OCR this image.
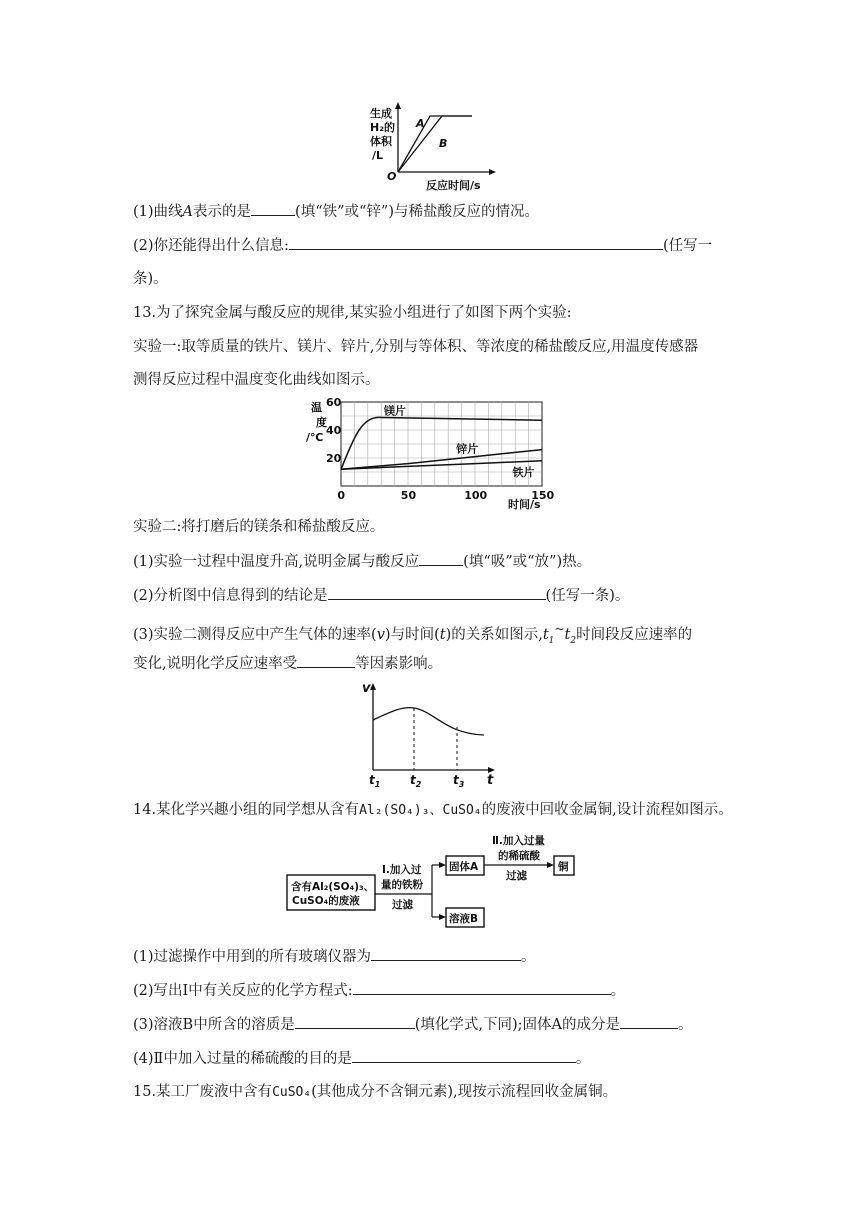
生成
H₂的
体积
/L
O
A
B
反应时间/s
(1)曲线A表示的是	(填“铁”或“锌”)与稀盐酸反应的情况。
(2)你还能得出什么信息:	(任写一
条)。
13.为了探究金属与酸反应的规律,某实验小组进行了如图下两个实验:
实验一:取等质量的铁片、镁片、锌片,分别与等体积、等浓度的稀盐酸反应,用温度传感器
测得反应过程中温度变化曲线如图示。
温
度
/℃
0	50	100	150
20
40
60
镁片
锌片
铁片
时间/s
实验二:将打磨后的镁条和稀盐酸反应。
(1)实验一过程中温度升高,说明金属与酸反应	(填“吸”或“放”)热。
(2)分析图中信息得到的结论是	(任写一条)。
(3)实验二测得反应中产生气体的速率(v)与时间(t)的关系如图示$,t_1^\sim t_2$时间段反应速率的
变化,说明化学反应速率受	等因素影响。
v
$t_1$ $t_2$	$t_3$ t
14.某化学兴趣小组的同学想从含有Al₂(SO₄)₃、CuSO₄的废液中回收金属铜,设计流程如图示。
含有Al₂(SO₄)₃、
CuSO₄的废液
Ⅰ.加入过
量的铁粉
过滤
固体A
Ⅱ.加入过量
的稀硫酸
过滤
铜
溶液B
(1)过滤操作中用到的所有玻璃仪器为	。
(2)写出Ⅰ中有关反应的化学方程式:	。
(3)溶液B中所含的溶质是	(填化学式,下同);固体A的成分是	。
(4)Ⅱ中加入过量的稀硫酸的目的是	。
15.某工厂废液中含有CuSO₄(其他成分不含铜元素),现按示流程回收金属铜。
